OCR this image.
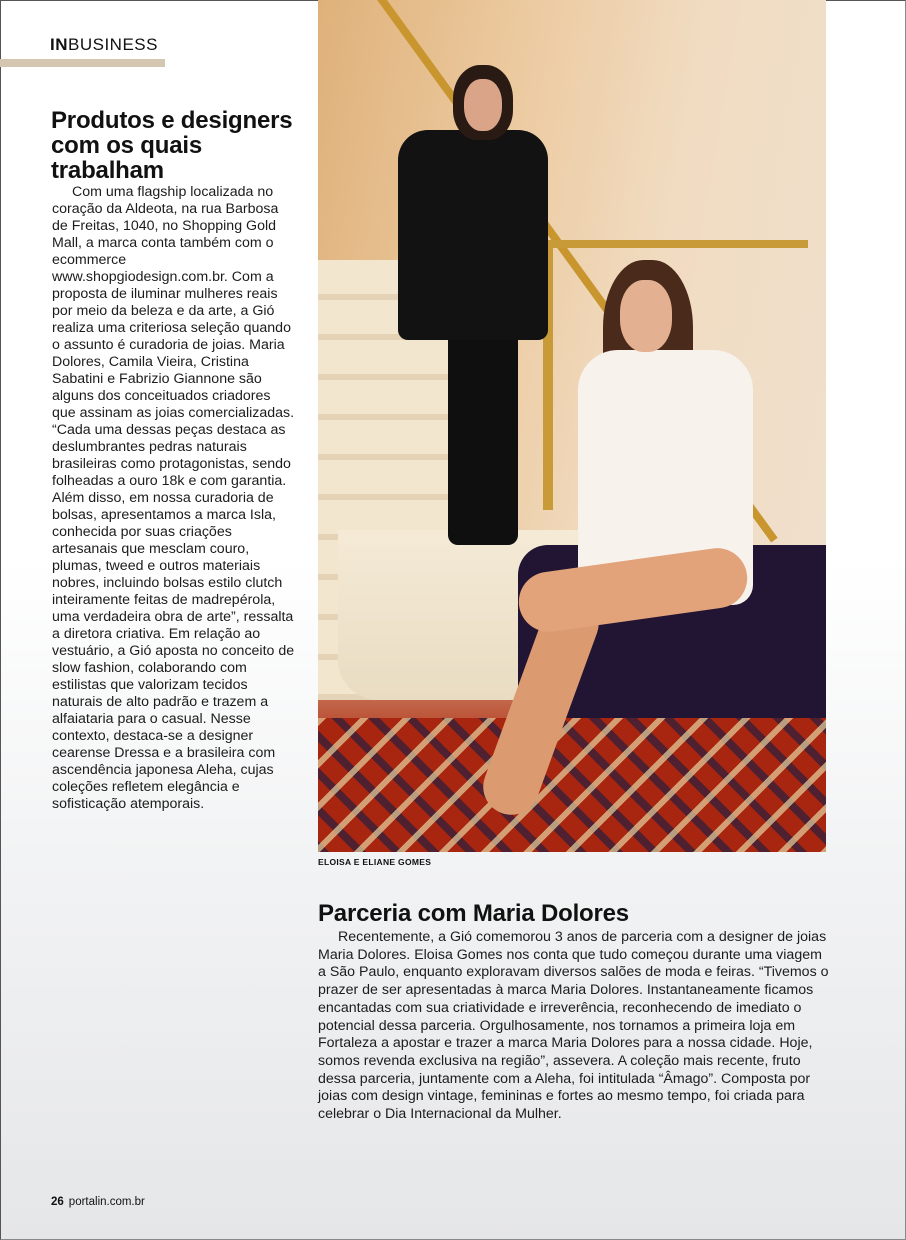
INBUSINESS
Produtos e designers com os quais trabalham

Com uma flagship localizada no coração da Aldeota, na rua Barbosa de Freitas, 1040, no Shopping Gold Mall, a marca conta também com o ecommerce www.shopgiodesign.com.br. Com a proposta de iluminar mulheres reais por meio da beleza e da arte, a Gió realiza uma criteriosa seleção quando o assunto é curadoria de joias. Maria Dolores, Camila Vieira, Cristina Sabatini e Fabrizio Giannone são alguns dos conceituados criadores que assinam as joias comercializadas. “Cada uma dessas peças destaca as deslumbrantes pedras naturais brasileiras como protagonistas, sendo folheadas a ouro 18k e com garantia. Além disso, em nossa curadoria de bolsas, apresentamos a marca Isla, conhecida por suas criações artesanais que mesclam couro, plumas, tweed e outros materiais nobres, incluindo bolsas estilo clutch inteiramente feitas de madrepérola, uma verdadeira obra de arte”, ressalta a diretora criativa. Em relação ao vestuário, a Gió aposta no conceito de slow fashion, colaborando com estilistas que valorizam tecidos naturais de alto padrão e trazem a alfaiataria para o casual. Nesse contexto, destaca-se a designer cearense Dressa e a brasileira com ascendência japonesa Aleha, cujas coleções refletem elegância e sofisticação atemporais.

ELOISA E ELIANE GOMES
Parceria com Maria Dolores

Recentemente, a Gió comemorou 3 anos de parceria com a designer de joias Maria Dolores. Eloisa Gomes nos conta que tudo começou durante uma viagem a São Paulo, enquanto exploravam diversos salões de moda e feiras. “Tivemos o prazer de ser apresentadas à marca Maria Dolores. Instantaneamente ficamos encantadas com sua criatividade e irreverência, reconhecendo de imediato o potencial dessa parceria. Orgulhosamente, nos tornamos a primeira loja em Fortaleza a apostar e trazer a marca Maria Dolores para a nossa cidade. Hoje, somos revenda exclusiva na região”, assevera. A coleção mais recente, fruto dessa parceria, juntamente com a Aleha, foi intitulada “Âmago”. Composta por joias com design vintage, femininas e fortes ao mesmo tempo, foi criada para celebrar o Dia Internacional da Mulher.

26 portalin.com.br
